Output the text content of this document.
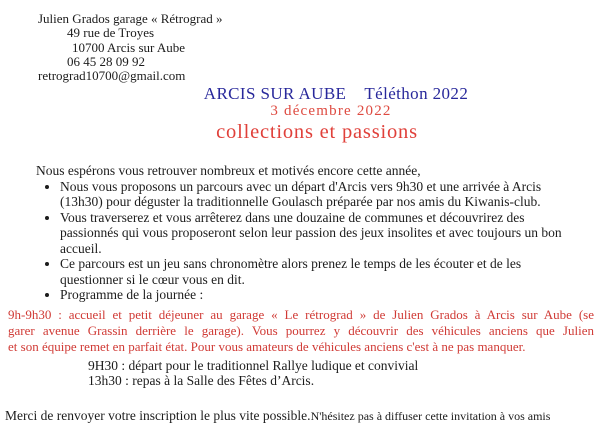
Julien Grados garage « Rétrograd »
49 rue de Troyes
10700 Arcis sur Aube
06 45 28 09 92
retrograd10700@gmail.com
ARCIS SUR AUBE Téléthon 2022
3 décembre 2022
collections et passions

Nous espérons vous retrouver nombreux et motivés encore cette année,

• Nous vous proposons un parcours avec un départ d'Arcis vers 9h30 et une arrivée à Arcis (13h30) pour déguster la traditionnelle Goulasch préparée par nos amis du Kiwanis-club.
• Vous traverserez et vous arrêterez dans une douzaine de communes et découvrirez des passionnés qui vous proposeront selon leur passion des jeux insolites et avec toujours un bon accueil.
• Ce parcours est un jeu sans chronomètre alors prenez le temps de les écouter et de les questionner si le cœur vous en dit.
• Programme de la journée :
9h-9h30 : accueil et petit déjeuner au garage « Le rétrograd » de Julien Grados à Arcis sur Aube (se
garer avenue Grassin derrière le garage). Vous pourrez y découvrir des véhicules anciens que Julien
et son équipe remet en parfait état. Pour vous amateurs de véhicules anciens c'est à ne pas manquer.
9H30 : départ pour le traditionnel Rallye ludique et convivial
13h30 : repas à la Salle des Fêtes d’Arcis.

Merci de renvoyer votre inscription le plus vite possible.N'hésitez pas à diffuser cette invitation à vos amis
